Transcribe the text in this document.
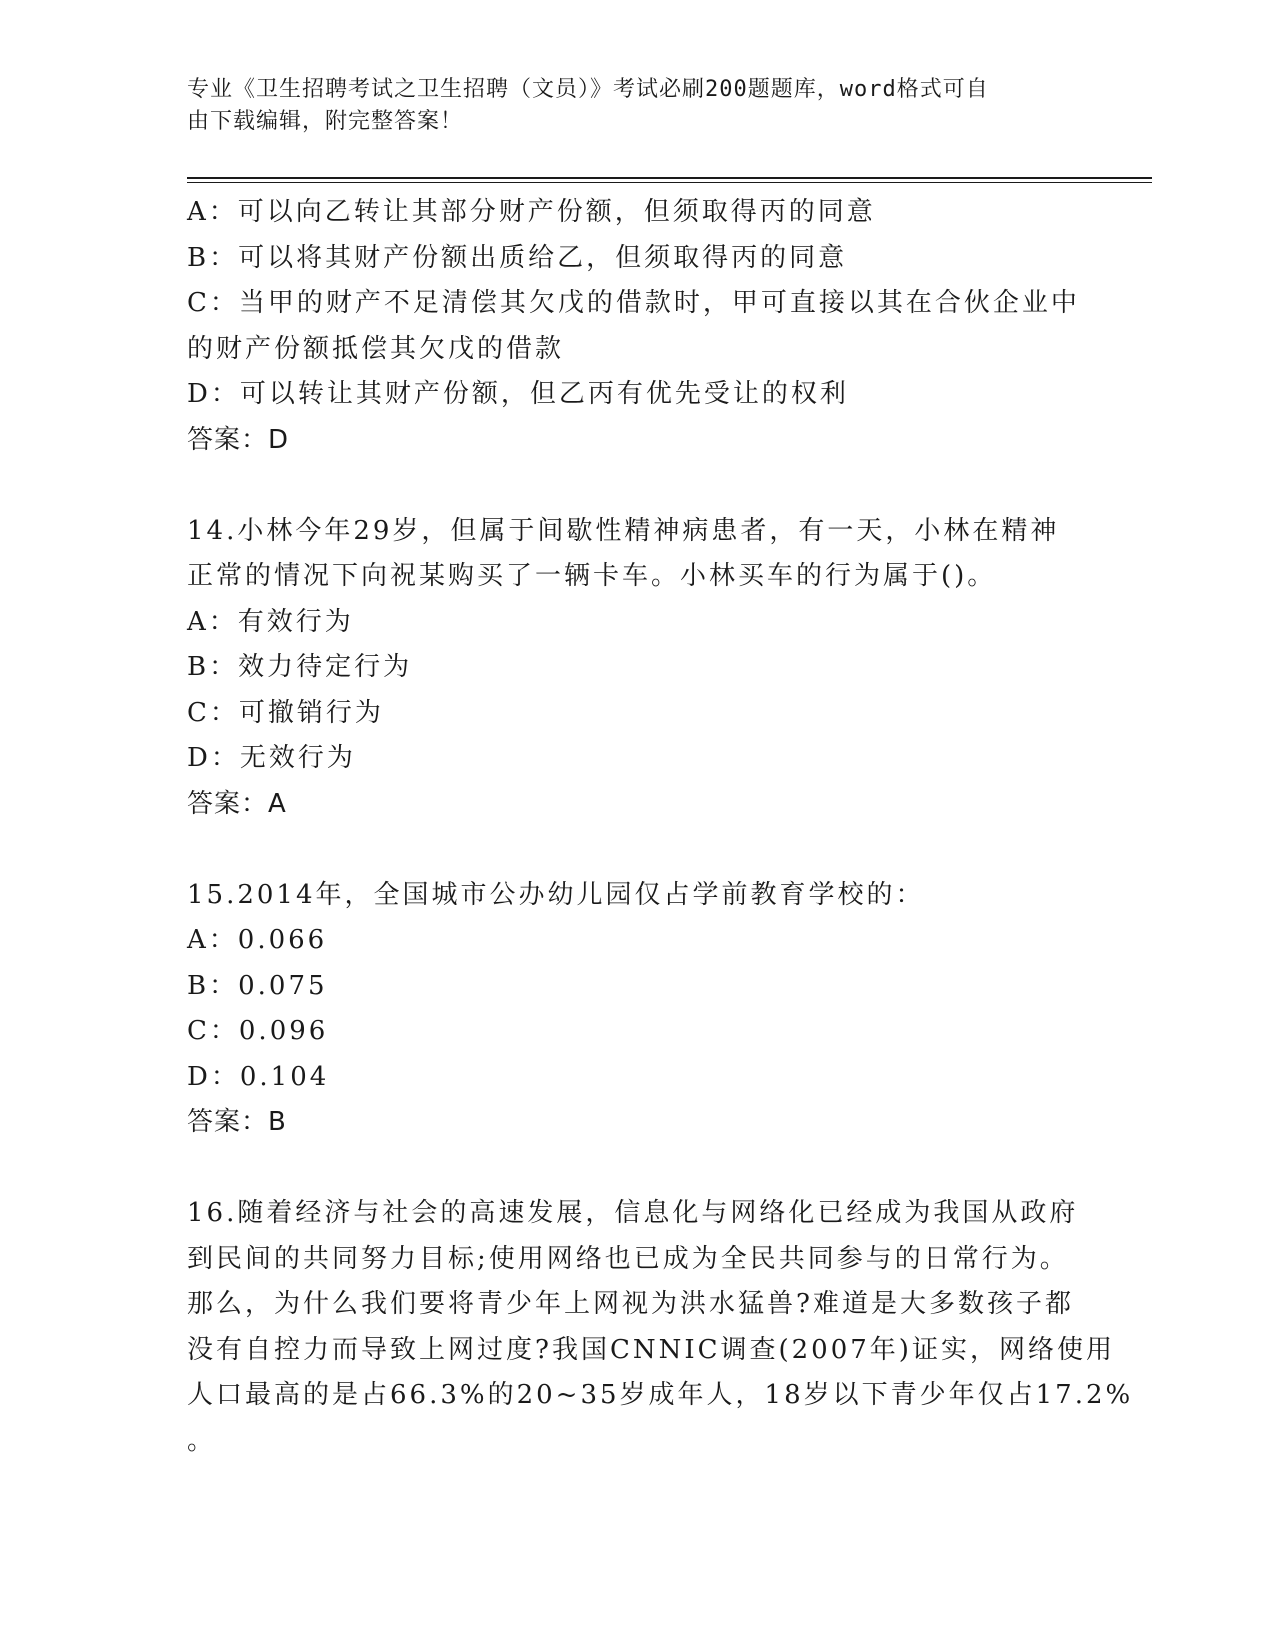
专业《卫生招聘考试之卫生招聘（文员）》考试必刷200题题库，word格式可自
由下载编辑，附完整答案！
A：可以向乙转让其部分财产份额，但须取得丙的同意
B：可以将其财产份额出质给乙，但须取得丙的同意
C：当甲的财产不足清偿其欠戊的借款时，甲可直接以其在合伙企业中
的财产份额抵偿其欠戊的借款
D：可以转让其财产份额，但乙丙有优先受让的权利
答案：D
14.小林今年29岁，但属于间歇性精神病患者，有一天，小林在精神
正常的情况下向祝某购买了一辆卡车。小林买车的行为属于()。
A：有效行为
B：效力待定行为
C：可撤销行为
D：无效行为
答案：A
15.2014年，全国城市公办幼儿园仅占学前教育学校的：
A：0.066
B：0.075
C：0.096
D：0.104
答案：B
16.随着经济与社会的高速发展，信息化与网络化已经成为我国从政府
到民间的共同努力目标;使用网络也已成为全民共同参与的日常行为。
那么，为什么我们要将青少年上网视为洪水猛兽?难道是大多数孩子都
没有自控力而导致上网过度?我国CNNIC调查(2007年)证实，网络使用
人口最高的是占66.3%的20~35岁成年人，18岁以下青少年仅占17.2%
。
